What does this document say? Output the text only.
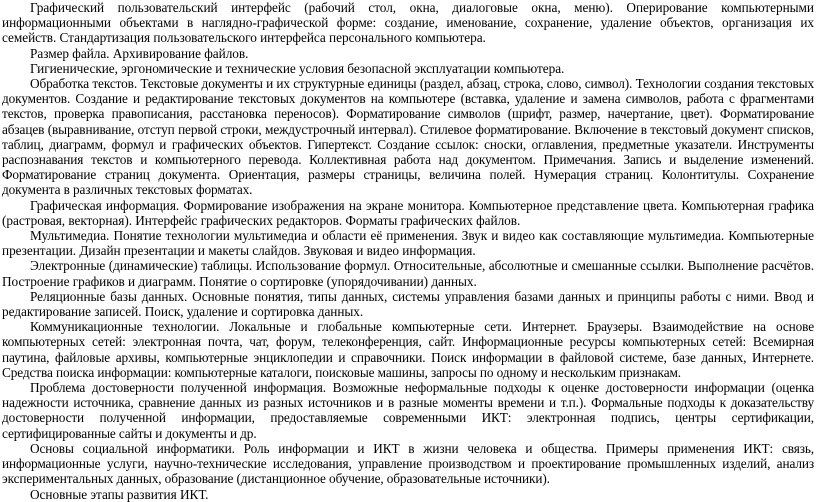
Графический пользовательский интерфейс (рабочий стол, окна, диалоговые окна, меню). Оперирование компьютерными информационными объектами в наглядно-графической форме: создание, именование, сохранение, удаление объектов, организация их семейств. Стандартизация пользовательского интерфейса персонального компьютера.

Размер файла. Архивирование файлов.

Гигиенические, эргономические и технические условия безопасной эксплуатации компьютера.

Обработка текстов. Текстовые документы и их структурные единицы (раздел, абзац, строка, слово, символ). Технологии создания текстовых документов. Создание и редактирование текстовых документов на компьютере (вставка, удаление и замена символов, работа с фрагментами текстов, проверка правописания, расстановка переносов). Форматирование символов (шрифт, размер, начертание, цвет). Форматирование абзацев (выравнивание, отступ первой строки, междустрочный интервал). Стилевое форматирование. Включение в текстовый документ списков, таблиц, диаграмм, формул и графических объектов. Гипертекст. Создание ссылок: сноски, оглавления, предметные указатели. Инструменты распознавания текстов и компьютерного перевода. Коллективная работа над документом. Примечания. Запись и выделение изменений. Форматирование страниц документа. Ориентация, размеры страницы, величина полей. Нумерация страниц. Колонтитулы. Сохранение документа в различных текстовых форматах.

Графическая информация. Формирование изображения на экране монитора. Компьютерное представление цвета. Компьютерная графика (растровая, векторная). Интерфейс графических редакторов. Форматы графических файлов.

Мультимедиа. Понятие технологии мультимедиа и области её применения. Звук и видео как составляющие мультимедиа. Компьютерные презентации. Дизайн презентации и макеты слайдов. Звуковая и видео информация.

Электронные (динамические) таблицы. Использование формул. Относительные, абсолютные и смешанные ссылки. Выполнение расчётов. Построение графиков и диаграмм. Понятие о сортировке (упорядочивании) данных.

Реляционные базы данных. Основные понятия, типы данных, системы управления базами данных и принципы работы с ними. Ввод и редактирование записей. Поиск, удаление и сортировка данных.

Коммуникационные технологии. Локальные и глобальные компьютерные сети. Интернет. Браузеры. Взаимодействие на основе компьютерных сетей: электронная почта, чат, форум, телеконференция, сайт. Информационные ресурсы компьютерных сетей: Всемирная паутина, файловые архивы, компьютерные энциклопедии и справочники. Поиск информации в файловой системе, базе данных, Интернете. Средства поиска информации: компьютерные каталоги, поисковые машины, запросы по одному и нескольким признакам.

Проблема достоверности полученной информация. Возможные неформальные подходы к оценке достоверности информации (оценка надежности источника, сравнение данных из разных источников и в разные моменты времени и т.п.). Формальные подходы к доказательству достоверности полученной информации, предоставляемые современными ИКТ: электронная подпись, центры сертификации, сертифицированные сайты и документы и др.

Основы социальной информатики. Роль информации и ИКТ в жизни человека и общества. Примеры применения ИКТ: связь, информационные услуги, научно-технические исследования, управление производством и проектирование промышленных изделий, анализ экспериментальных данных, образование (дистанционное обучение, образовательные источники).

Основные этапы развития ИКТ.
